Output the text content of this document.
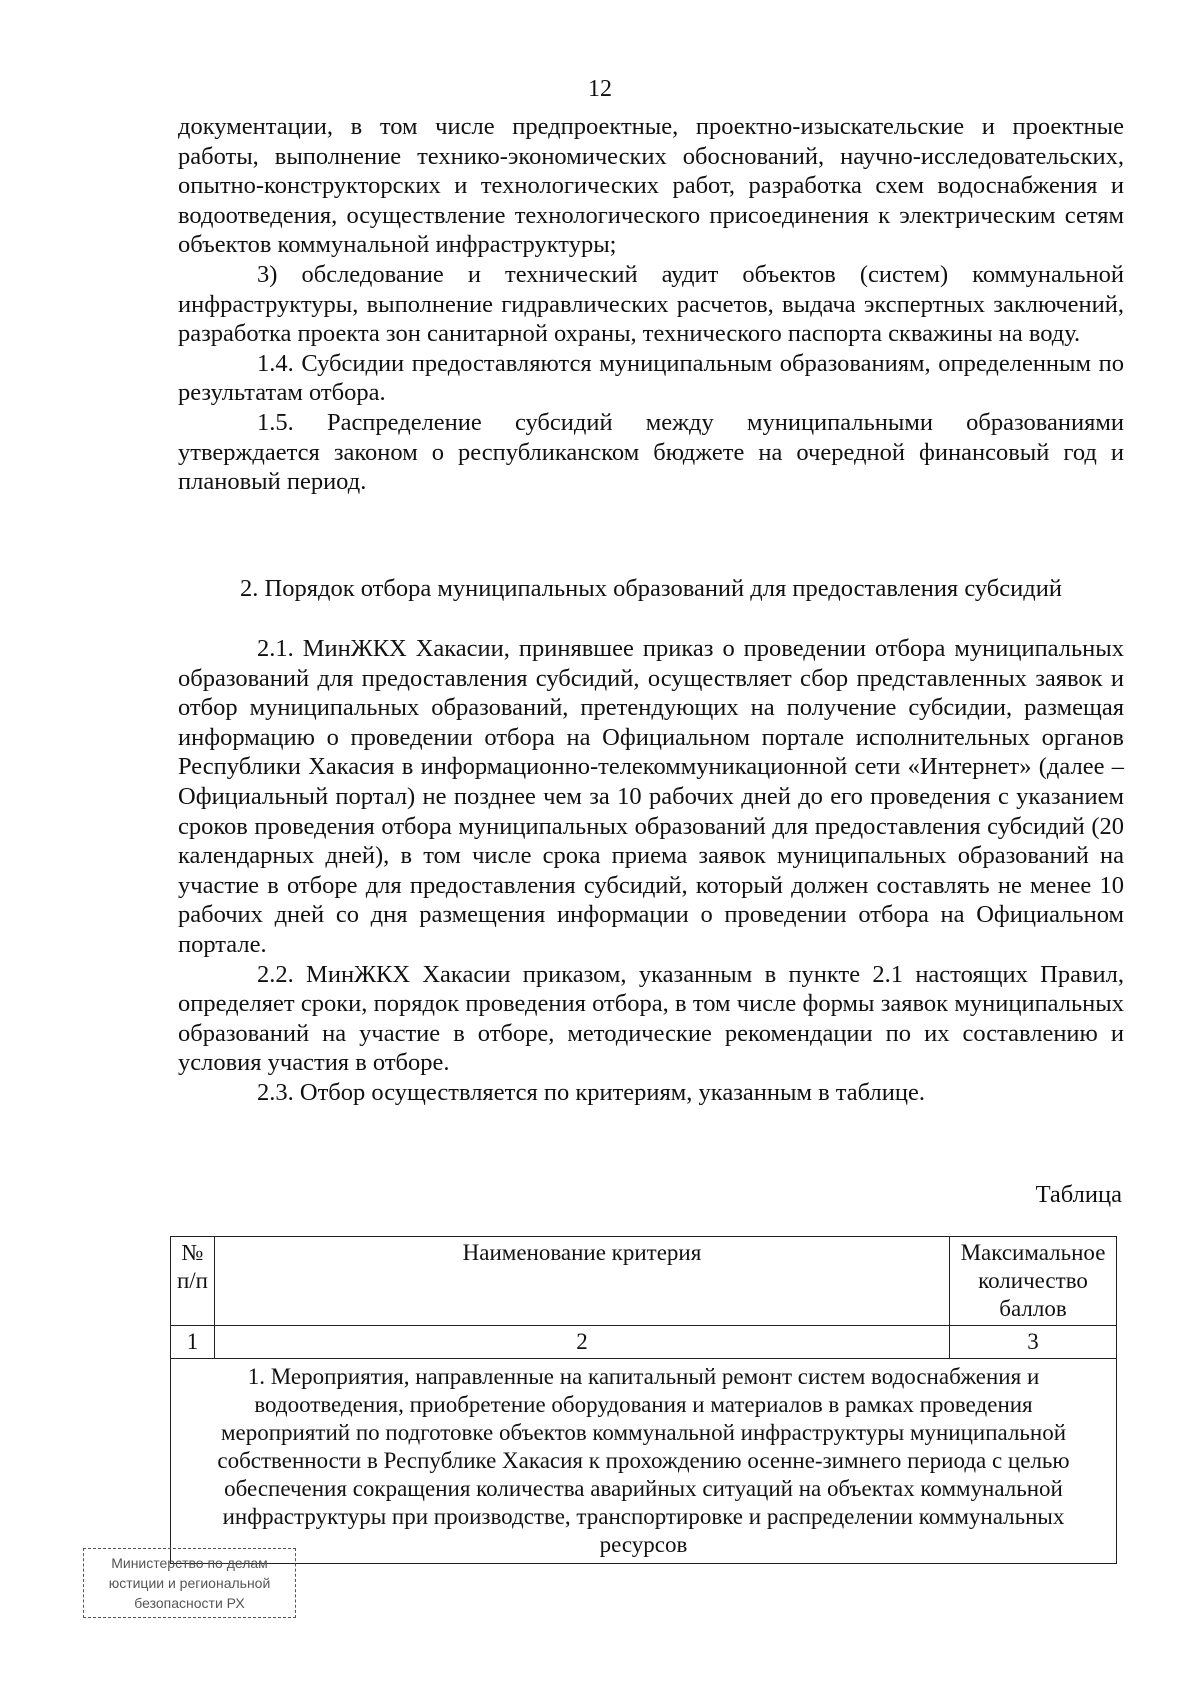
12

документации, в том числе предпроектные, проектно-изыскательские и проектные работы, выполнение технико-экономических обоснований, научно-исследовательских, опытно-конструкторских и технологических работ, разработка схем водоснабжения и водоотведения, осуществление технологического присоединения к электрическим сетям объектов коммунальной инфраструктуры;

3) обследование и технический аудит объектов (систем) коммунальной инфраструктуры, выполнение гидравлических расчетов, выдача экспертных заключений, разработка проекта зон санитарной охраны, технического паспорта скважины на воду.

1.4. Субсидии предоставляются муниципальным образованиям, определенным по результатам отбора.

1.5. Распределение субсидий между муниципальными образованиями утверждается законом о республиканском бюджете на очередной финансовый год и плановый период.

2. Порядок отбора муниципальных образований для предоставления субсидий

2.1. МинЖКХ Хакасии, принявшее приказ о проведении отбора муниципальных образований для предоставления субсидий, осуществляет сбор представленных заявок и отбор муниципальных образований, претендующих на получение субсидии, размещая информацию о проведении отбора на Официальном портале исполнительных органов Республики Хакасия в информационно-телекоммуникационной сети «Интернет» (далее – Официальный портал) не позднее чем за 10 рабочих дней до его проведения с указанием сроков проведения отбора муниципальных образований для предоставления субсидий (20 календарных дней), в том числе срока приема заявок муниципальных образований на участие в отборе для предоставления субсидий, который должен составлять не менее 10 рабочих дней со дня размещения информации о проведении отбора на Официальном портале.

2.2. МинЖКХ Хакасии приказом, указанным в пункте 2.1 настоящих Правил, определяет сроки, порядок проведения отбора, в том числе формы заявок муниципальных образований на участие в отборе, методические рекомендации по их составлению и условия участия в отборе.

2.3. Отбор осуществляется по критериям, указанным в таблице.

Таблица
№ п/п	Наименование критерия	Максимальное количество баллов
1	2	3
1. Мероприятия, направленные на капитальный ремонт систем водоснабжения и водоотведения, приобретение оборудования и материалов в рамках проведения мероприятий по подготовке объектов коммунальной инфраструктуры муниципальной собственности в Республике Хакасия к прохождению осенне-зимнего периода с целью обеспечения сокращения количества аварийных ситуаций на объектах коммунальной инфраструктуры при производстве, транспортировке и распределении коммунальных ресурсов		
Министерство по делам
юстиции и региональной
безопасности РХ
